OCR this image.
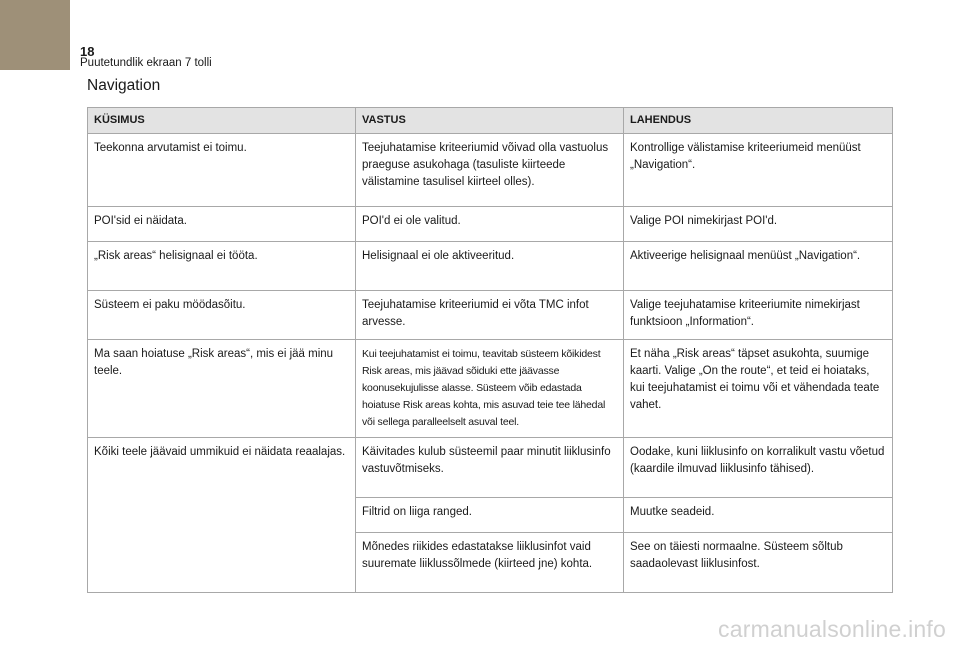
18
Puutetundlik ekraan 7 tolli
Navigation
KÜSIMUS	VASTUS	LAHENDUS
Teekonna arvutamist ei toimu.	Teejuhatamise kriteeriumid võivad olla vastuolus praeguse asukohaga (tasuliste kiirteede välistamine tasulisel kiirteel olles).	Kontrollige välistamise kriteeriumeid menüüst „Navigation“.
POI'sid ei näidata.	POI'd ei ole valitud.	Valige POI nimekirjast POI'd.
„Risk areas“ helisignaal ei tööta.	Helisignaal ei ole aktiveeritud.	Aktiveerige helisignaal menüüst „Navigation“.
Süsteem ei paku möödasõitu.	Teejuhatamise kriteeriumid ei võta TMC infot arvesse.	Valige teejuhatamise kriteeriumite nimekirjast funktsioon „Information“.
Ma saan hoiatuse „Risk areas“, mis ei jää minu teele.	Kui teejuhatamist ei toimu, teavitab süsteem kõikidest Risk areas, mis jäävad sõiduki ette jäävasse koonusekujulisse alasse. Süsteem võib edastada hoiatuse Risk areas kohta, mis asuvad teie tee lähedal või sellega paralleelselt asuval teel.	Et näha „Risk areas“ täpset asukohta, suumige kaarti. Valige „On the route“, et teid ei hoiataks, kui teejuhatamist ei toimu või et vähendada teate vahet.
Kõiki teele jäävaid ummikuid ei näidata reaalajas.	Käivitades kulub süsteemil paar minutit liiklusinfo vastuvõtmiseks.	Oodake, kuni liiklusinfo on korralikult vastu võetud (kaardile ilmuvad liiklusinfo tähised).
	Filtrid on liiga ranged.	Muutke seadeid.
	Mõnedes riikides edastatakse liiklusinfot vaid suuremate liiklussõlmede (kiirteed jne) kohta.	See on täiesti normaalne. Süsteem sõltub saadaolevast liiklusinfost.
carmanualsonline.info
